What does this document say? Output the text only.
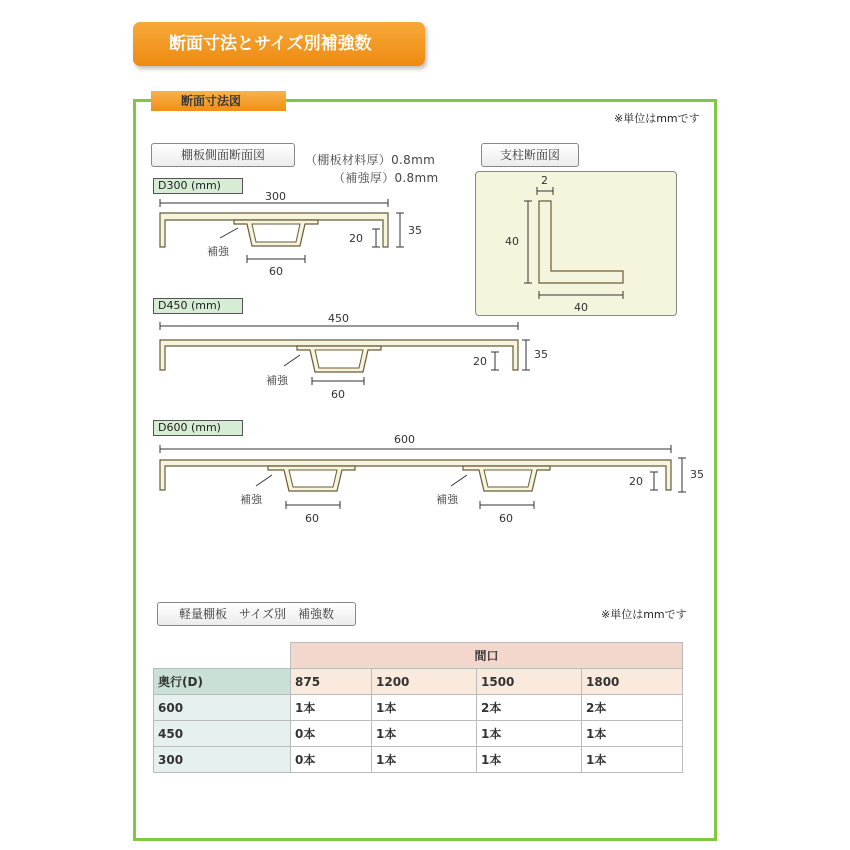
断面寸法とサイズ別補強数
断面寸法図
※単位はmmです
棚板側面断面図	（棚板材料厚）0.8mm
（補強厚）0.8mm
支柱断面図
2
40
40
D300 (mm)
300
補強
60
20
35
D450 (mm)
450
補強
60
20
35
D600 (mm)
600
補強
60
補強
60
20
35
軽量棚板　サイズ別　補強数	※単位はmmです
	間口			
奥行(D)	875	1200	1500	1800
600	1本	1本	2本	2本
450	0本	1本	1本	1本
300	0本	1本	1本	1本
